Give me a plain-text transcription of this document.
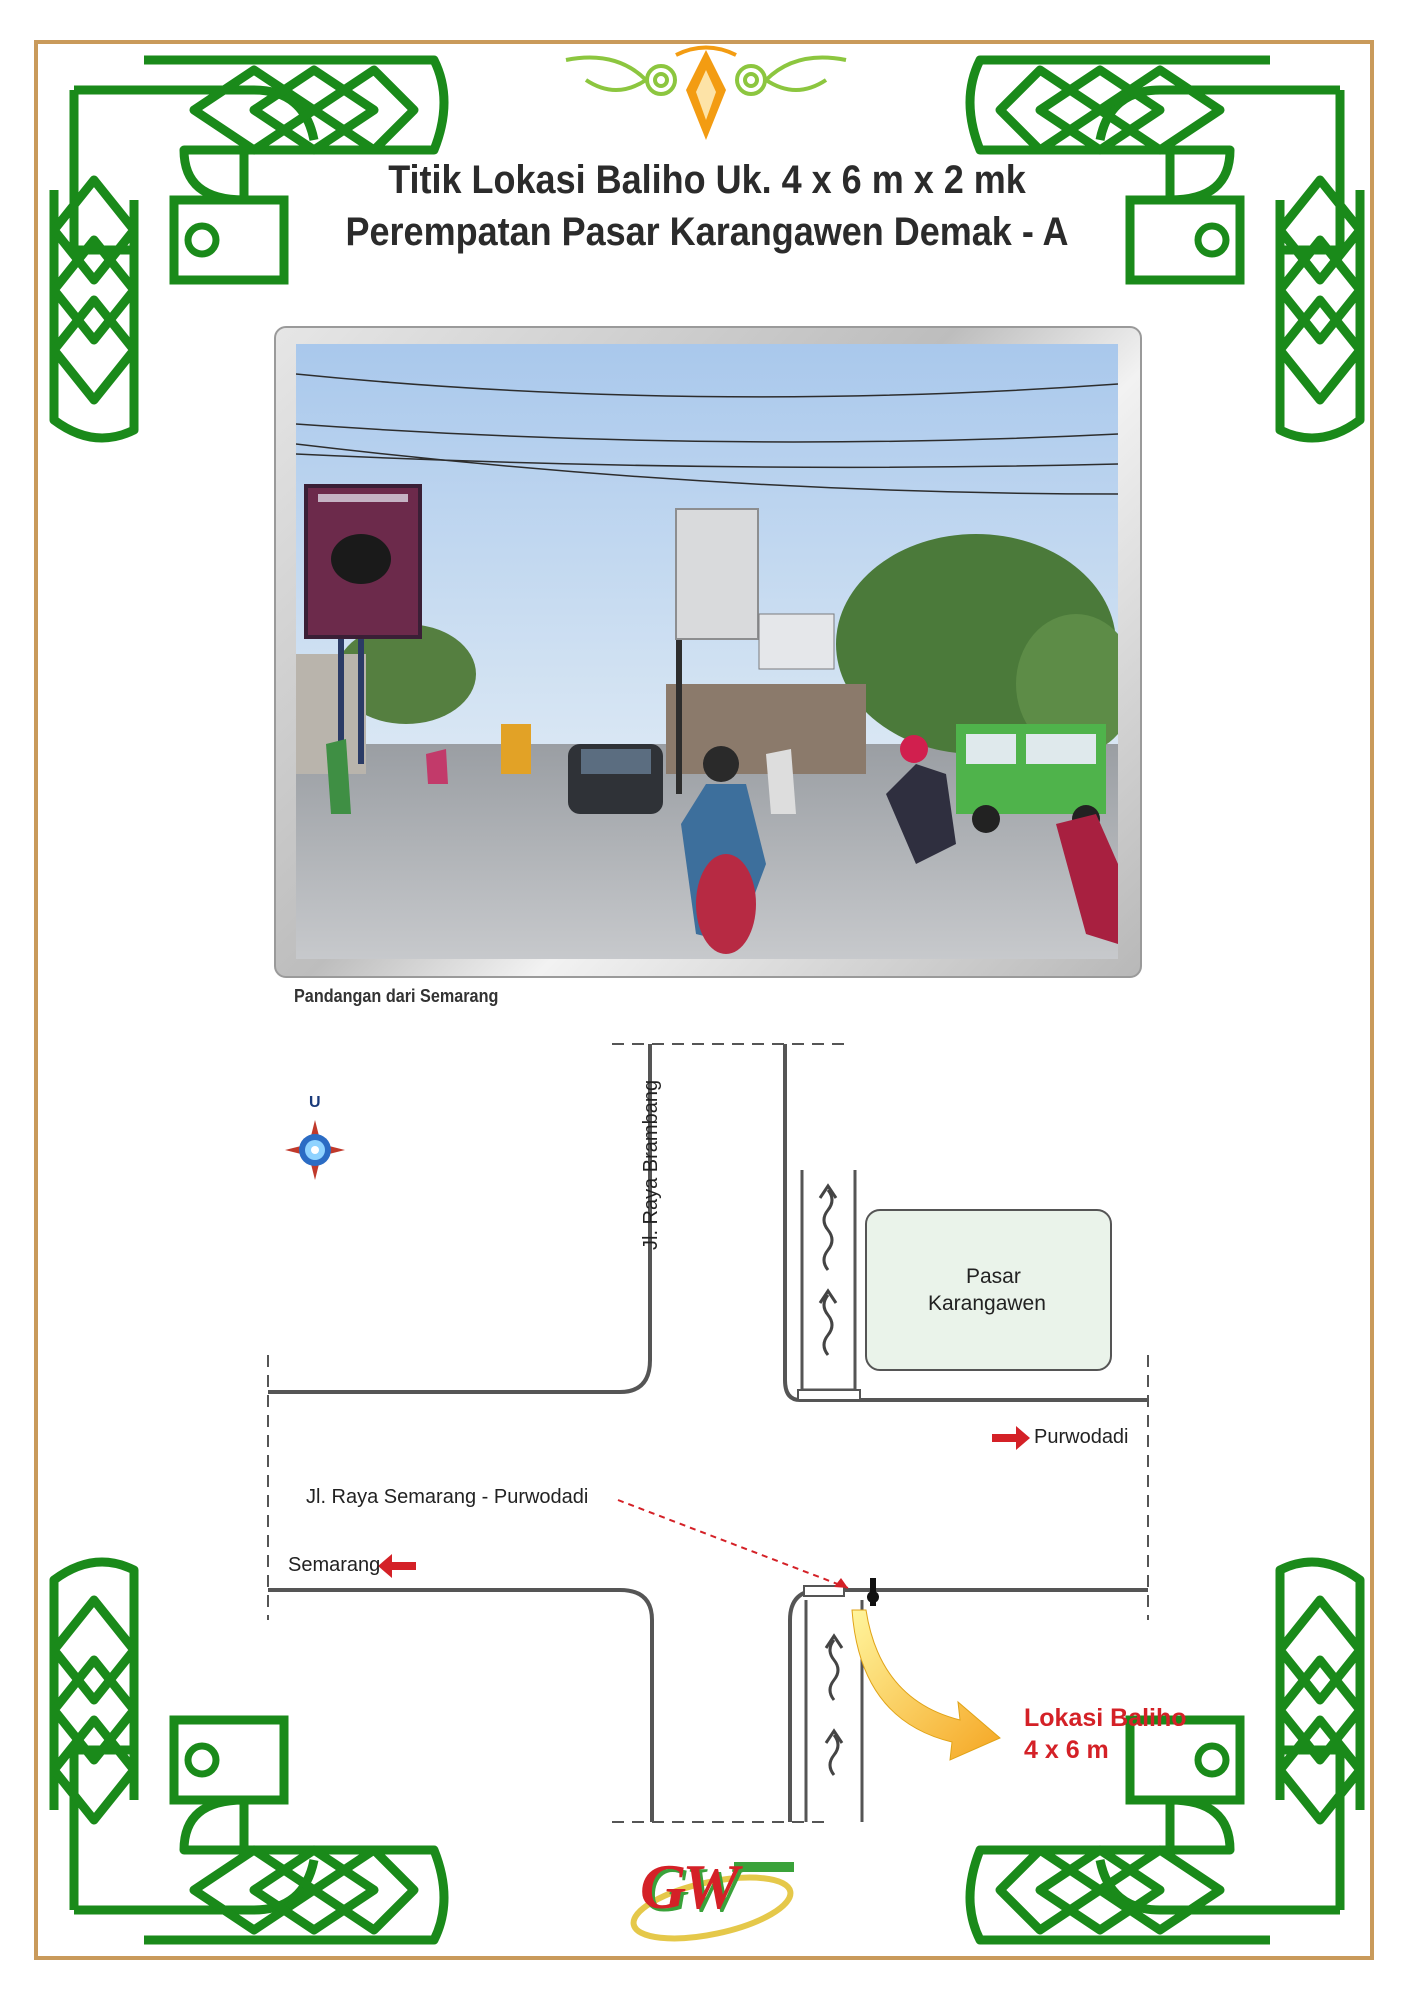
Titik Lokasi Baliho Uk. 4 x 6 m x 2 mk
Perempatan Pasar Karangawen Demak - A
Pandangan dari Semarang
U	Jl. Raya Brambang
Pasar
Karangawen
Purwodadi
Jl. Raya Semarang - Purwodadi
Semarang
Lokasi Baliho
4 x 6 m
GW
